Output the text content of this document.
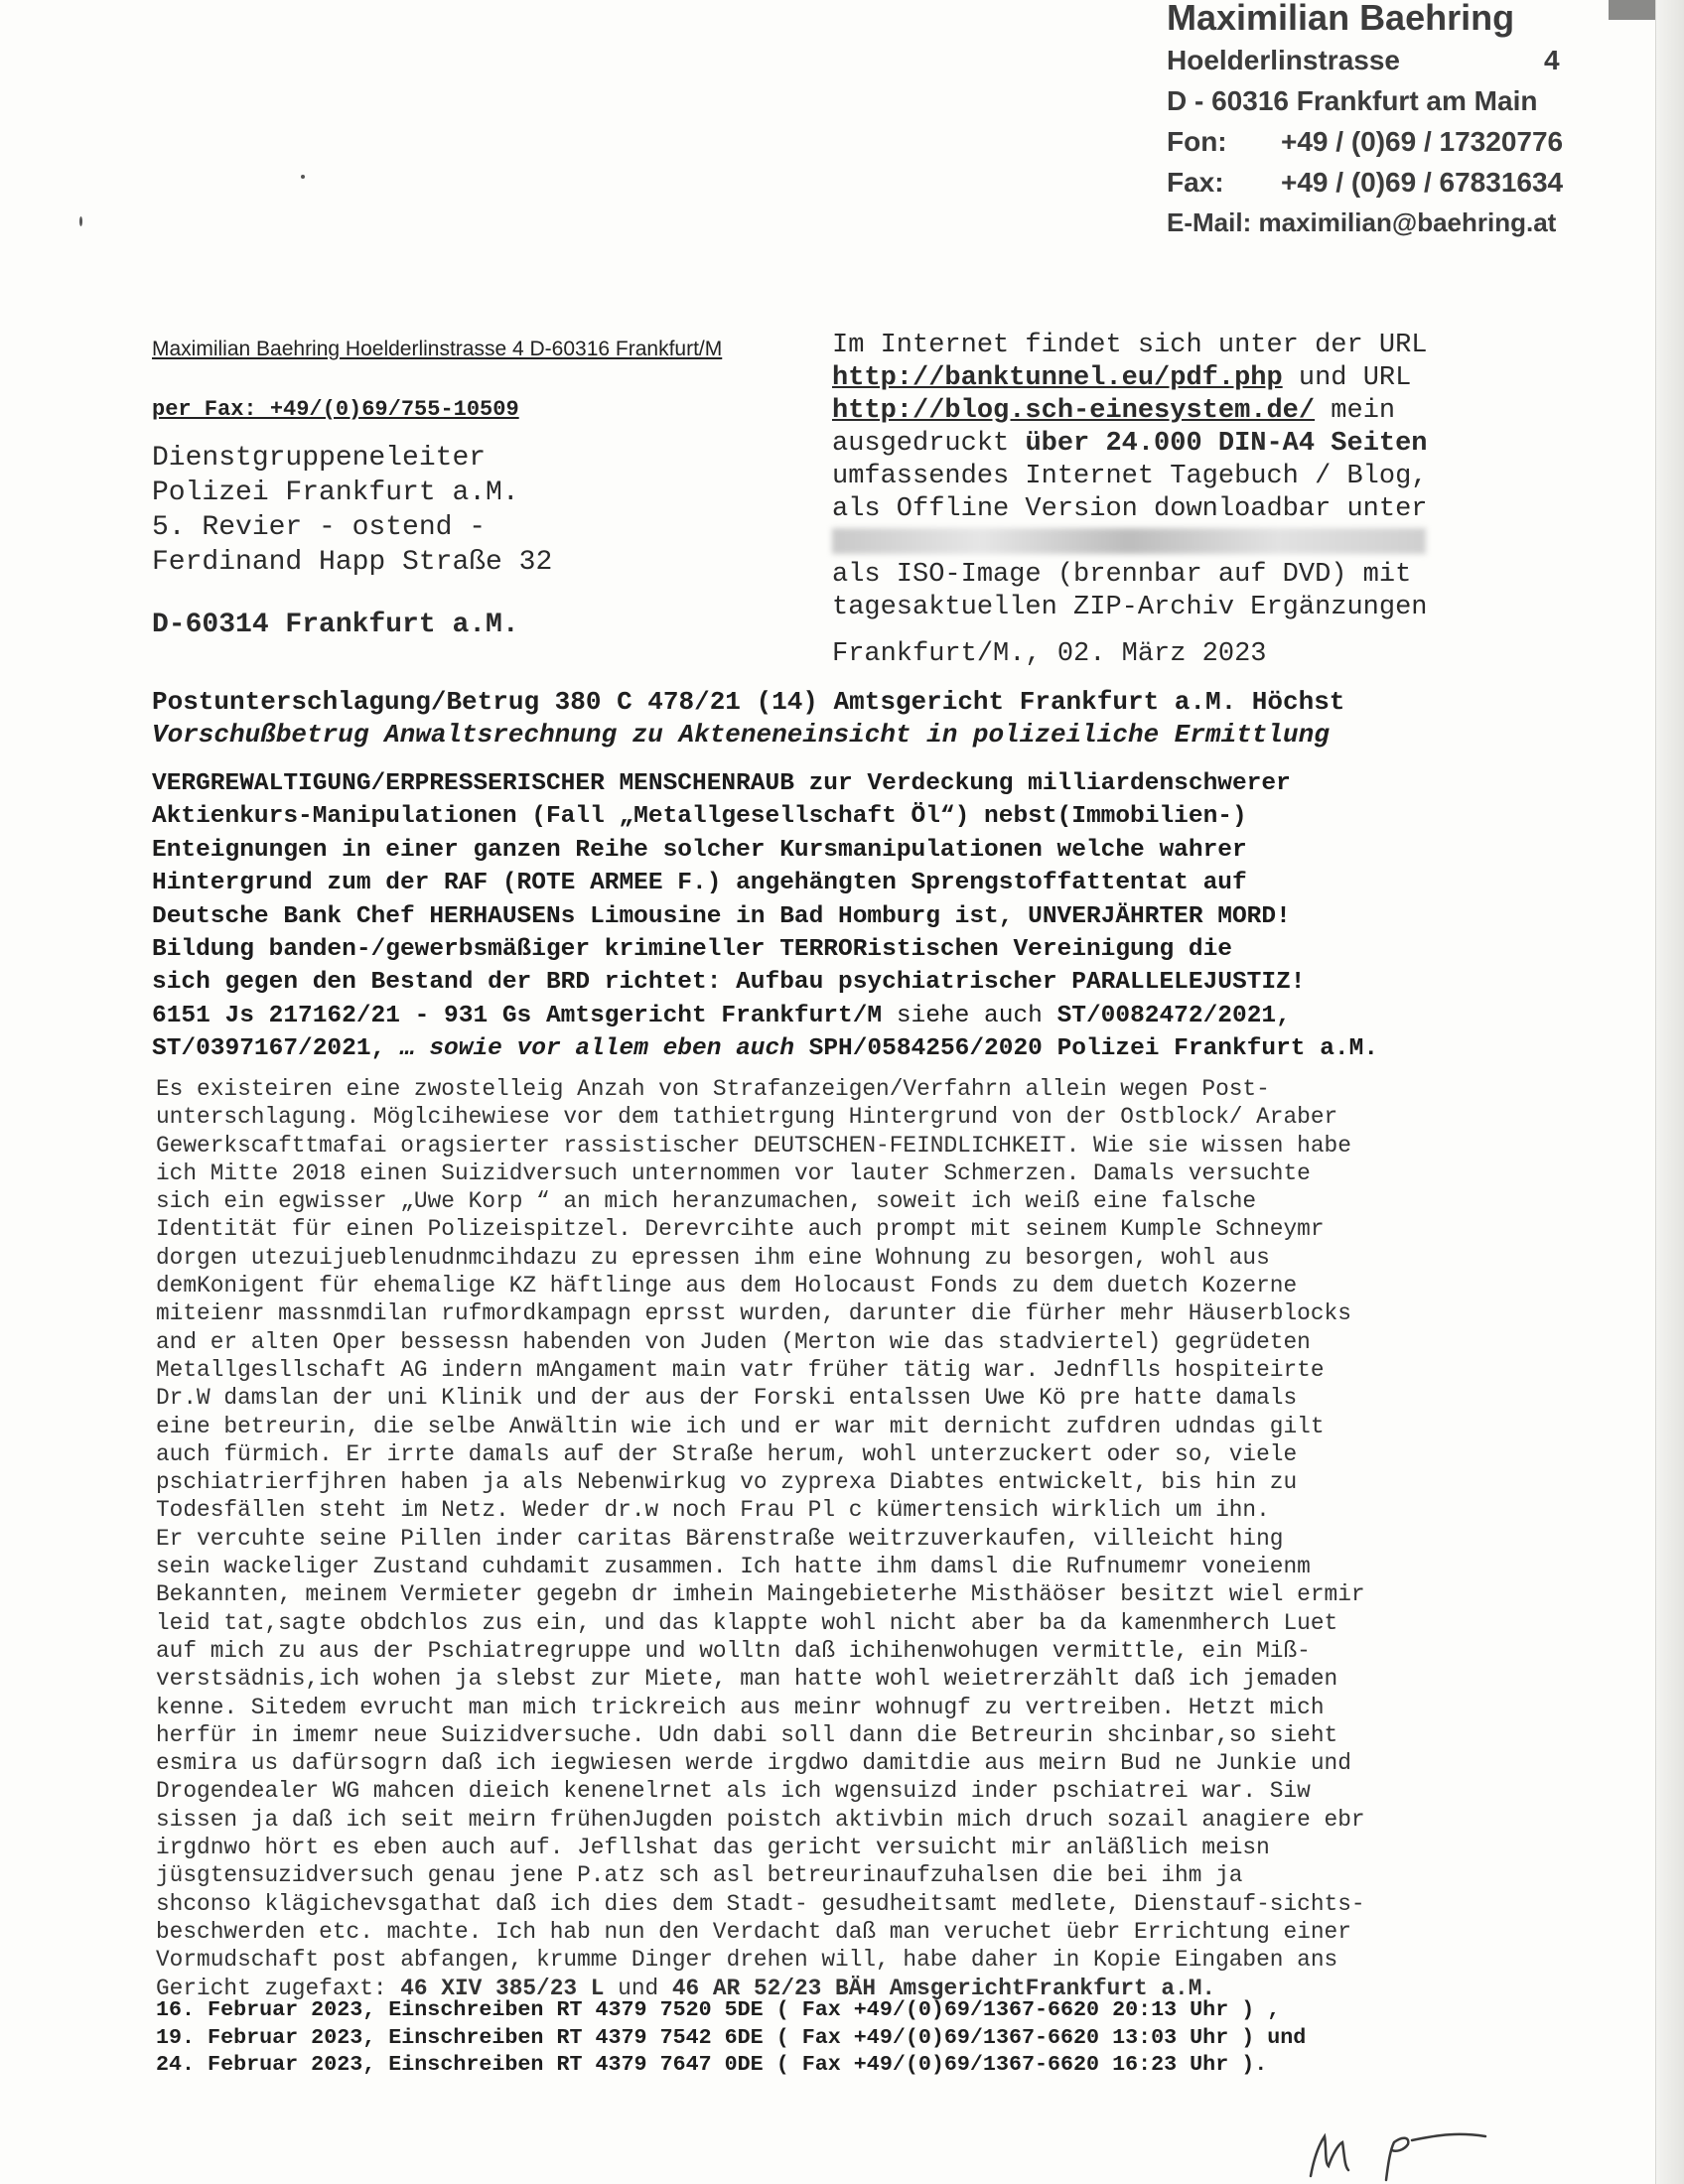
Maximilian Baehring
Hoelderlinstrasse	4
D - 60316 Frankfurt am Main
Fon: +49 / (0)69 / 17320776
Fax: +49 / (0)69 / 67831634
E-Mail: maximilian@baehring.at
Maximilian Baehring Hoelderlinstrasse 4 D-60316 Frankfurt/M
per Fax: +49/(0)69/755-10509
Dienstgruppeneleiter
Polizei Frankfurt a.M.
5. Revier - ostend -
Ferdinand Happ Straße 32
D-60314 Frankfurt a.M.
Im Internet findet sich unter der URL
http://banktunnel.eu/pdf.php und URL
http://blog.sch-einesystem.de/ mein
ausgedruckt über 24.000 DIN-A4 Seiten
umfassendes Internet Tagebuch / Blog,
als Offline Version downloadbar unter
als ISO-Image (brennbar auf DVD) mit
tagesaktuellen ZIP-Archiv Ergänzungen
Frankfurt/M., 02. März 2023
Postunterschlagung/Betrug 380 C 478/21 (14) Amtsgericht Frankfurt a.M. Höchst
Vorschußbetrug Anwaltsrechnung zu Akteneneinsicht in polizeiliche Ermittlung
VERGREWALTIGUNG/ERPRESSERISCHER MENSCHENRAUB zur Verdeckung milliardenschwerer
Aktienkurs-Manipulationen (Fall „Metallgesellschaft Öl“) nebst(Immobilien-)
Enteignungen in einer ganzen Reihe solcher Kursmanipulationen welche wahrer
Hintergrund zum der RAF (ROTE ARMEE F.) angehängten Sprengstoffattentat auf
Deutsche Bank Chef HERHAUSENs Limousine in Bad Homburg ist, UNVERJÄHRTER MORD!
Bildung banden-/gewerbsmäßiger krimineller TERRORistischen Vereinigung die
sich gegen den Bestand der BRD richtet: Aufbau psychiatrischer PARALLELEJUSTIZ!
6151 Js 217162/21 - 931 Gs Amtsgericht Frankfurt/M siehe auch ST/0082472/2021,
ST/0397167/2021, … sowie vor allem eben auch SPH/0584256/2020 Polizei Frankfurt a.M.
Es existeiren eine zwostelleig Anzah von Strafanzeigen/Verfahrn allein wegen Post-
unterschlagung. Möglcihewiese vor dem tathietrgung Hintergrund von der Ostblock/ Araber
Gewerkscafttmafai oragsierter rassistischer DEUTSCHEN-FEINDLICHKEIT. Wie sie wissen habe
ich Mitte 2018 einen Suizidversuch unternommen vor lauter Schmerzen. Damals versuchte
sich ein egwisser „Uwe Korp “ an mich heranzumachen, soweit ich weiß eine falsche
Identität für einen Polizeispitzel. Derevrcihte auch prompt mit seinem Kumple Schneymr
dorgen utezuijueblenudnmcihdazu zu epressen ihm eine Wohnung zu besorgen, wohl aus
demKonigent für ehemalige KZ häftlinge aus dem Holocaust Fonds zu dem duetch Kozerne
miteienr massnmdilan rufmordkampagn eprsst wurden, darunter die fürher mehr Häuserblocks
and er alten Oper bessessn habenden von Juden (Merton wie das stadviertel) gegrüdeten
Metallgesllschaft AG indern mAngament main vatr früher tätig war. Jednflls hospiteirte
Dr.W damslan der uni Klinik und der aus der Forski entalssen Uwe Kö pre hatte damals
eine betreurin, die selbe Anwältin wie ich und er war mit dernicht zufdren udndas gilt
auch fürmich. Er irrte damals auf der Straße herum, wohl unterzuckert oder so, viele
pschiatrierfjhren haben ja als Nebenwirkug vo zyprexa Diabtes entwickelt, bis hin zu
Todesfällen steht im Netz. Weder dr.w noch Frau Pl c kümertensich wirklich um ihn.
Er vercuhte seine Pillen inder caritas Bärenstraße weitrzuverkaufen, villeicht hing
sein wackeliger Zustand cuhdamit zusammen. Ich hatte ihm damsl die Rufnumemr voneienm
Bekannten, meinem Vermieter gegebn dr imhein Maingebieterhe Misthäöser besitzt wiel ermir
leid tat,sagte obdchlos zus ein, und das klappte wohl nicht aber ba da kamenmherch Luet
auf mich zu aus der Pschiatregruppe und wolltn daß ichihenwohugen vermittle, ein Miß-
verstsädnis,ich wohen ja slebst zur Miete, man hatte wohl weietrerzählt daß ich jemaden
kenne. Sitedem evrucht man mich trickreich aus meinr wohnugf zu vertreiben. Hetzt mich
herfür in imemr neue Suizidversuche. Udn dabi soll dann die Betreurin shcinbar,so sieht
esmira us dafürsogrn daß ich iegwiesen werde irgdwo damitdie aus meirn Bud ne Junkie und
Drogendealer WG mahcen dieich kenenelrnet als ich wgensuizd inder pschiatrei war. Siw
sissen ja daß ich seit meirn frühenJugden poistch aktivbin mich druch sozail anagiere ebr
irgdnwo hört es eben auch auf. Jefllshat das gericht versuicht mir anläßlich meisn
jüsgtensuzidversuch genau jene P.atz sch asl betreurinaufzuhalsen die bei ihm ja
shconso klägichevsgathat daß ich dies dem Stadt- gesudheitsamt medlete, Dienstauf-sichts-
beschwerden etc. machte. Ich hab nun den Verdacht daß man veruchet üebr Errichtung einer
Vormudschaft post abfangen, krumme Dinger drehen will, habe daher in Kopie Eingaben ans
Gericht zugefaxt: 46 XIV 385/23 L und 46 AR 52/23 BÄH AmsgerichtFrankfurt a.M.
16. Februar 2023, Einschreiben RT 4379 7520 5DE ( Fax +49/(0)69/1367-6620 20:13 Uhr ) ,
19. Februar 2023, Einschreiben RT 4379 7542 6DE ( Fax +49/(0)69/1367-6620 13:03 Uhr ) und
24. Februar 2023, Einschreiben RT 4379 7647 0DE ( Fax +49/(0)69/1367-6620 16:23 Uhr ).
